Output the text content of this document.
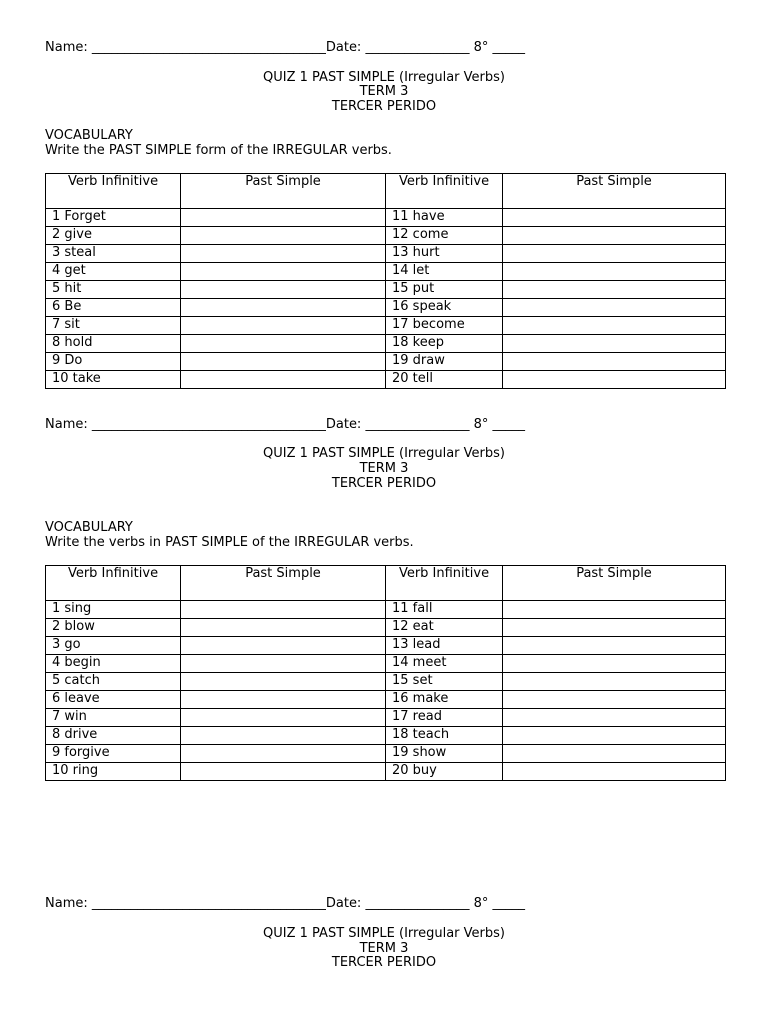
Name: ____________________________________Date: ________________ 8° _____
QUIZ 1 PAST SIMPLE (Irregular Verbs)
TERM 3
TERCER PERIDO
VOCABULARY
Write the PAST SIMPLE form of the IRREGULAR verbs.
Verb Infinitive	Past Simple	Verb Infinitive	Past Simple
1 Forget		11 have	
2 give		12 come	
3 steal		13 hurt	
4 get		14 let	
5 hit		15 put	
6 Be		16 speak	
7 sit		17 become	
8 hold		18 keep	
9 Do		19 draw	
10 take		20 tell	
Name: ____________________________________Date: ________________ 8° _____
QUIZ 1 PAST SIMPLE (Irregular Verbs)
TERM 3
TERCER PERIDO
VOCABULARY
Write the verbs in PAST SIMPLE of the IRREGULAR verbs.
Verb Infinitive	Past Simple	Verb Infinitive	Past Simple
1 sing		11 fall	
2 blow		12 eat	
3 go		13 lead	
4 begin		14 meet	
5 catch		15 set	
6 leave		16 make	
7 win		17 read	
8 drive		18 teach	
9 forgive		19 show	
10 ring		20 buy	
Name: ____________________________________Date: ________________ 8° _____
QUIZ 1 PAST SIMPLE (Irregular Verbs)
TERM 3
TERCER PERIDO
